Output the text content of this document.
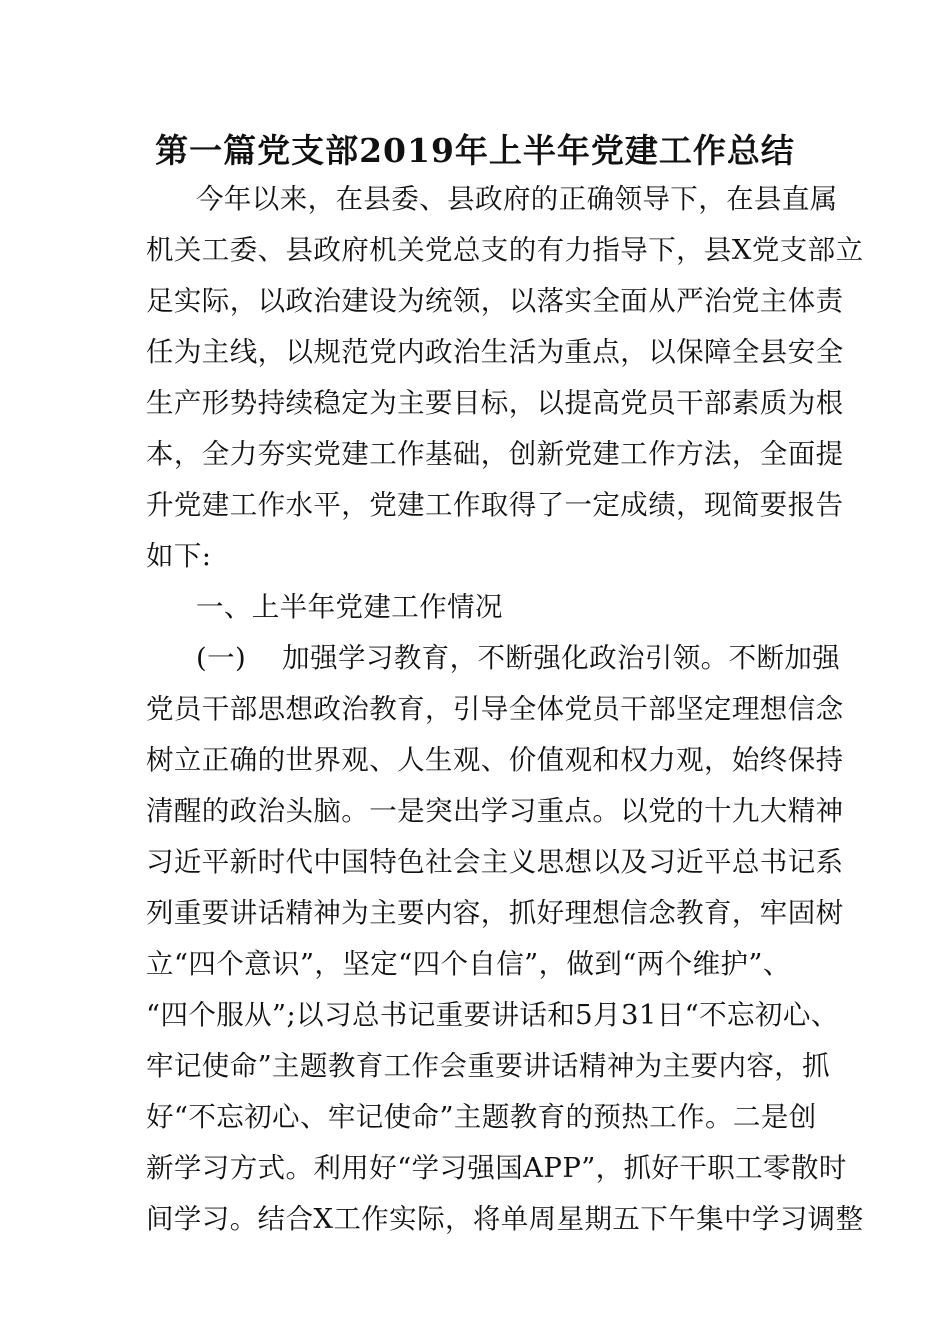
第一篇党支部2019年上半年党建工作总结

今年以来，在县委、县政府的正确领导下，在县直属

机关工委、县政府机关党总支的有力指导下，县X党支部立

足实际，以政治建设为统领，以落实全面从严治党主体责

任为主线，以规范党内政治生活为重点，以保障全县安全

生产形势持续稳定为主要目标，以提高党员干部素质为根

本，全力夯实党建工作基础，创新党建工作方法，全面提

升党建工作水平，党建工作取得了一定成绩，现简要报告

如下:

一、上半年党建工作情况

(一) 加强学习教育，不断强化政治引领。不断加强

党员干部思想政治教育，引导全体党员干部坚定理想信念

树立正确的世界观、人生观、价值观和权力观，始终保持

清醒的政治头脑。一是突出学习重点。以党的十九大精神

习近平新时代中国特色社会主义思想以及习近平总书记系

列重要讲话精神为主要内容，抓好理想信念教育，牢固树

立“四个意识”，坚定“四个自信”，做到“两个维护”、

“四个服从”;以习总书记重要讲话和5月31日“不忘初心、

牢记使命”主题教育工作会重要讲话精神为主要内容，抓

好“不忘初心、牢记使命”主题教育的预热工作。二是创

新学习方式。利用好“学习强国APP”，抓好干职工零散时

间学习。结合X工作实际，将单周星期五下午集中学习调整
